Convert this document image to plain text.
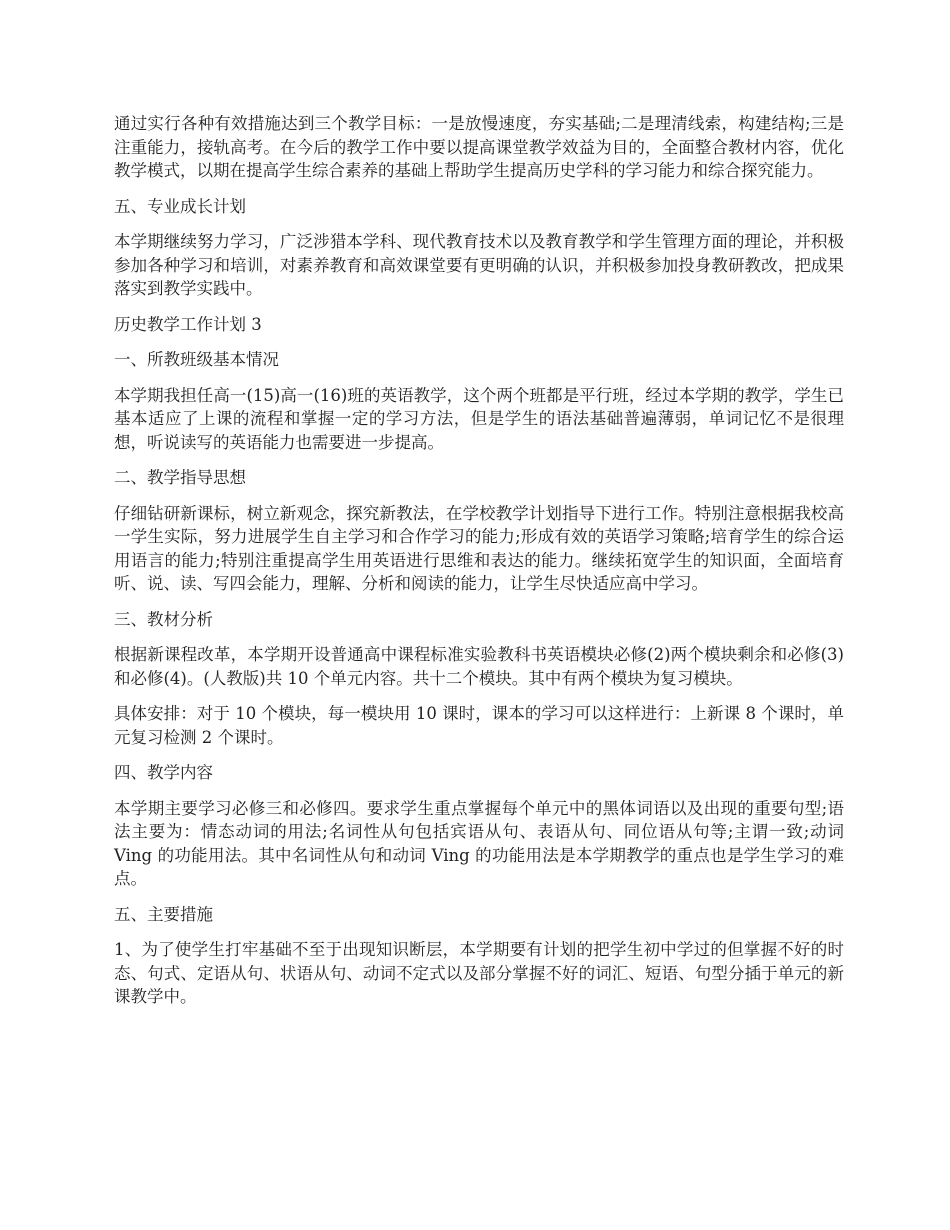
通过实行各种有效措施达到三个教学目标：一是放慢速度，夯实基础;二是理清线索，构建结构;三是注重能力，接轨高考。在今后的教学工作中要以提高课堂教学效益为目的，全面整合教材内容，优化教学模式，以期在提高学生综合素养的基础上帮助学生提高历史学科的学习能力和综合探究能力。

五、专业成长计划

本学期继续努力学习，广泛涉猎本学科、现代教育技术以及教育教学和学生管理方面的理论，并积极参加各种学习和培训，对素养教育和高效课堂要有更明确的认识，并积极参加投身教研教改，把成果落实到教学实践中。

历史教学工作计划 3

一、所教班级基本情况

本学期我担任高一(15)高一(16)班的英语教学，这个两个班都是平行班，经过本学期的教学，学生已基本适应了上课的流程和掌握一定的学习方法，但是学生的语法基础普遍薄弱，单词记忆不是很理想，听说读写的英语能力也需要进一步提高。

二、教学指导思想

仔细钻研新课标，树立新观念，探究新教法，在学校教学计划指导下进行工作。特别注意根据我校高一学生实际，努力进展学生自主学习和合作学习的能力;形成有效的英语学习策略;培育学生的综合运用语言的能力;特别注重提高学生用英语进行思维和表达的能力。继续拓宽学生的知识面，全面培育听、说、读、写四会能力，理解、分析和阅读的能力，让学生尽快适应高中学习。

三、教材分析

根据新课程改革，本学期开设普通高中课程标准实验教科书英语模块必修(2)两个模块剩余和必修(3)和必修(4)。(人教版)共 10 个单元内容。共十二个模块。其中有两个模块为复习模块。

具体安排：对于 10 个模块，每一模块用 10 课时，课本的学习可以这样进行：上新课 8 个课时，单元复习检测 2 个课时。

四、教学内容

本学期主要学习必修三和必修四。要求学生重点掌握每个单元中的黑体词语以及出现的重要句型;语法主要为：情态动词的用法;名词性从句包括宾语从句、表语从句、同位语从句等;主谓一致;动词 Ving 的功能用法。其中名词性从句和动词 Ving 的功能用法是本学期教学的重点也是学生学习的难点。

五、主要措施

1、为了使学生打牢基础不至于出现知识断层，本学期要有计划的把学生初中学过的但掌握不好的时态、句式、定语从句、状语从句、动词不定式以及部分掌握不好的词汇、短语、句型分插于单元的新课教学中。
